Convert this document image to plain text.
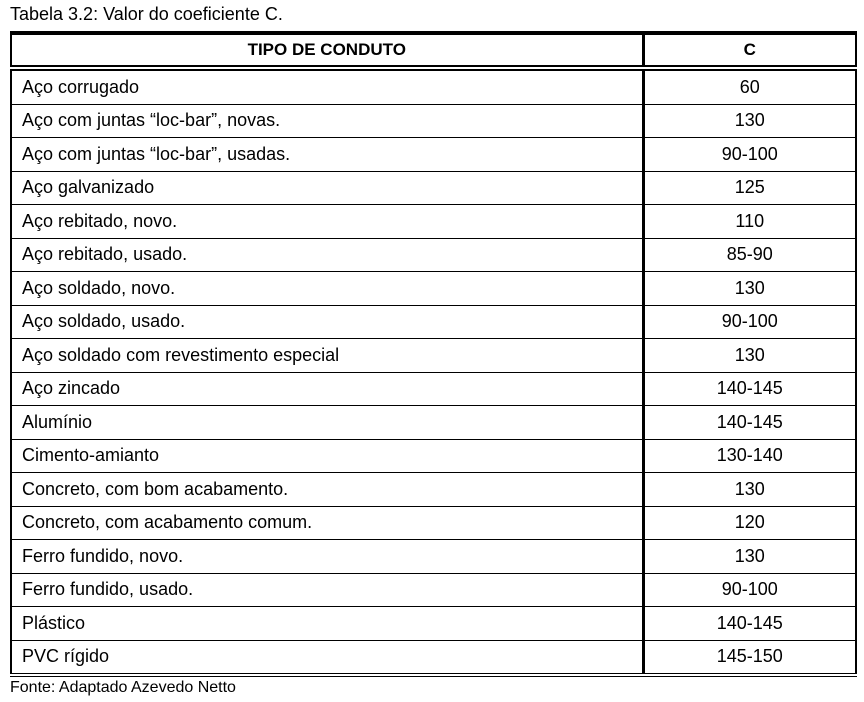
Tabela 3.2: Valor do coeficiente C.
TIPO DE CONDUTO	C
Aço corrugado	60
Aço com juntas “loc-bar”, novas.	130
Aço com juntas “loc-bar”, usadas.	90-100
Aço galvanizado	125
Aço rebitado, novo.	110
Aço rebitado, usado.	85-90
Aço soldado, novo.	130
Aço soldado, usado.	90-100
Aço soldado com revestimento especial	130
Aço zincado	140-145
Alumínio	140-145
Cimento-amianto	130-140
Concreto, com bom acabamento.	130
Concreto, com acabamento comum.	120
Ferro fundido, novo.	130
Ferro fundido, usado.	90-100
Plástico	140-145
PVC rígido	145-150
Fonte: Adaptado Azevedo Netto
